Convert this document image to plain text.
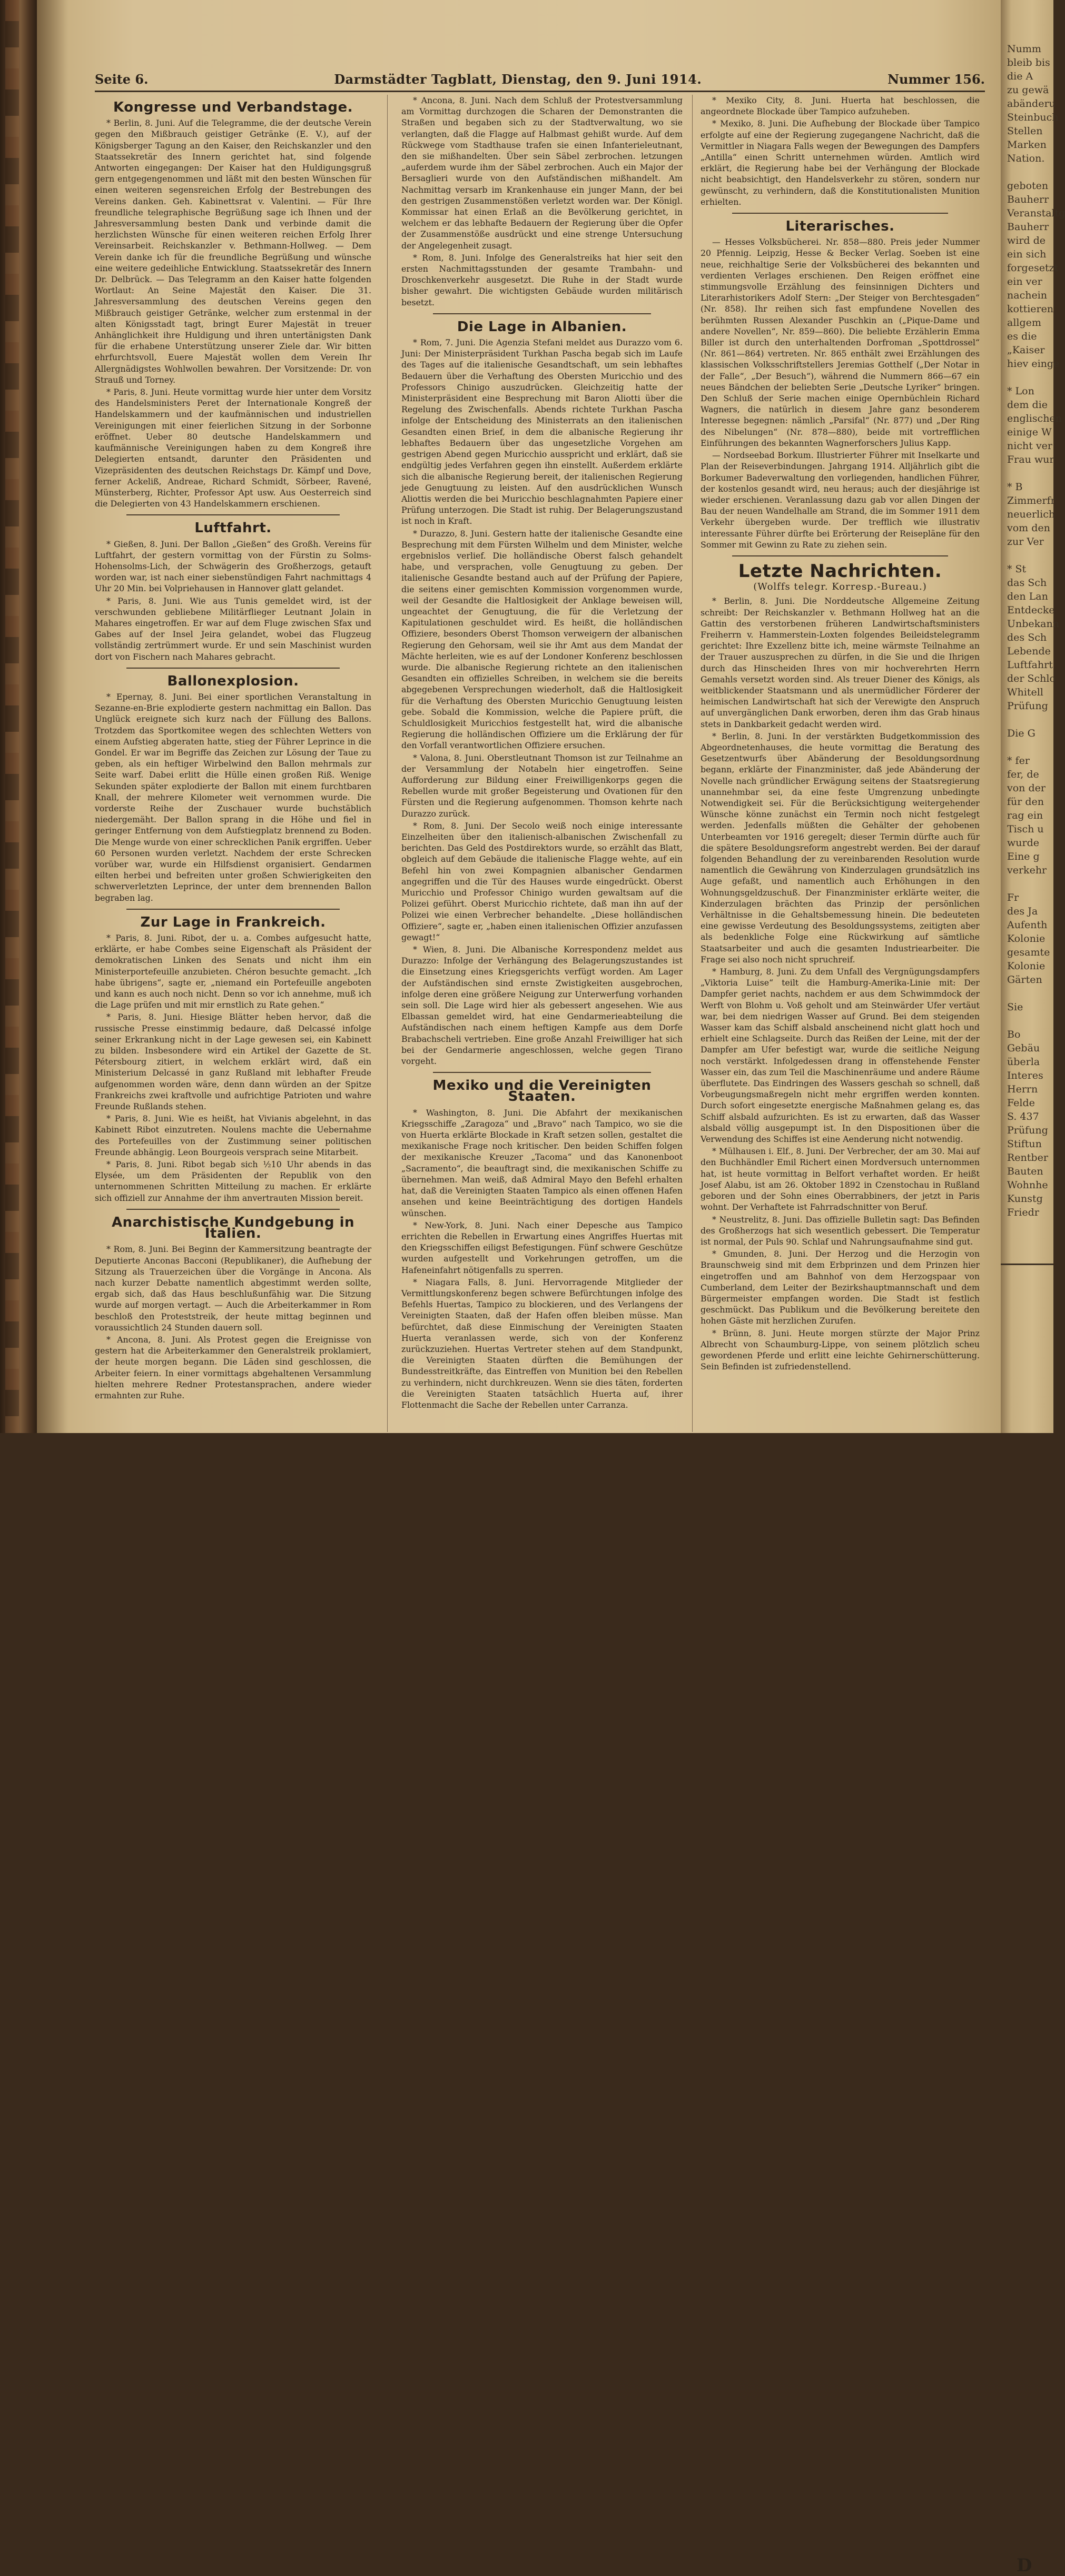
Seite 6.	Darmstädter Tagblatt, Dienstag, den 9. Juni 1914.	Nummer 156.
Kongresse und Verbandstage.

* Berlin, 8. Juni. Auf die Telegramme, die der deutsche Verein gegen den Mißbrauch geistiger Getränke (E. V.), auf der Königsberger Tagung an den Kaiser, den Reichskanzler und den Staatssekretär des Innern gerichtet hat, sind folgende Antworten eingegangen: Der Kaiser hat den Huldigungsgruß gern entgegengenommen und läßt mit den besten Wünschen für einen weiteren segensreichen Erfolg der Bestrebungen des Vereins danken. Geh. Kabinettsrat v. Valentini. — Für Ihre freundliche telegraphische Begrüßung sage ich Ihnen und der Jahresversammlung besten Dank und verbinde damit die herzlichsten Wünsche für einen weiteren reichen Erfolg Ihrer Vereinsarbeit. Reichskanzler v. Bethmann-Hollweg. — Dem Verein danke ich für die freundliche Begrüßung und wünsche eine weitere gedeihliche Entwicklung. Staatssekretär des Innern Dr. Delbrück. — Das Telegramm an den Kaiser hatte folgenden Wortlaut: An Seine Majestät den Kaiser. Die 31. Jahresversammlung des deutschen Vereins gegen den Mißbrauch geistiger Getränke, welcher zum erstenmal in der alten Königsstadt tagt, bringt Eurer Majestät in treuer Anhänglichkeit ihre Huldigung und ihren untertänigsten Dank für die erhabene Unterstützung unserer Ziele dar. Wir bitten ehrfurchtsvoll, Euere Majestät wollen dem Verein Ihr Allergnädigstes Wohlwollen bewahren. Der Vorsitzende: Dr. von Strauß und Torney.

* Paris, 8. Juni. Heute vormittag wurde hier unter dem Vorsitz des Handelsministers Peret der Internationale Kongreß der Handelskammern und der kaufmännischen und industriellen Vereinigungen mit einer feierlichen Sitzung in der Sorbonne eröffnet. Ueber 80 deutsche Handelskammern und kaufmännische Vereinigungen haben zu dem Kongreß ihre Delegierten entsandt, darunter den Präsidenten und Vizepräsidenten des deutschen Reichstags Dr. Kämpf und Dove, ferner Ackeliß, Andreae, Richard Schmidt, Sörbeer, Ravené, Münsterberg, Richter, Professor Apt usw. Aus Oesterreich sind die Delegierten von 43 Handelskammern erschienen.

Luftfahrt.

* Gießen, 8. Juni. Der Ballon „Gießen“ des Großh. Vereins für Luftfahrt, der gestern vormittag von der Fürstin zu Solms-Hohensolms-Lich, der Schwägerin des Großherzogs, getauft worden war, ist nach einer siebenstündigen Fahrt nachmittags 4 Uhr 20 Min. bei Volpriehausen in Hannover glatt gelandet.

* Paris, 8. Juni. Wie aus Tunis gemeldet wird, ist der verschwunden gebliebene Militärflieger Leutnant Jolain in Mahares eingetroffen. Er war auf dem Fluge zwischen Sfax und Gabes auf der Insel Jeira gelandet, wobei das Flugzeug vollständig zertrümmert wurde. Er und sein Maschinist wurden dort von Fischern nach Mahares gebracht.

Ballonexplosion.

* Epernay, 8. Juni. Bei einer sportlichen Veranstaltung in Sezanne-en-Brie explodierte gestern nachmittag ein Ballon. Das Unglück ereignete sich kurz nach der Füllung des Ballons. Trotzdem das Sportkomitee wegen des schlechten Wetters von einem Aufstieg abgeraten hatte, stieg der Führer Leprince in die Gondel. Er war im Begriffe das Zeichen zur Lösung der Taue zu geben, als ein heftiger Wirbelwind den Ballon mehrmals zur Seite warf. Dabei erlitt die Hülle einen großen Riß. Wenige Sekunden später explodierte der Ballon mit einem furchtbaren Knall, der mehrere Kilometer weit vernommen wurde. Die vorderste Reihe der Zuschauer wurde buchstäblich niedergemäht. Der Ballon sprang in die Höhe und fiel in geringer Entfernung von dem Aufstiegplatz brennend zu Boden. Die Menge wurde von einer schrecklichen Panik ergriffen. Ueber 60 Personen wurden verletzt. Nachdem der erste Schrecken vorüber war, wurde ein Hilfsdienst organisiert. Gendarmen eilten herbei und befreiten unter großen Schwierigkeiten den schwerverletzten Leprince, der unter dem brennenden Ballon begraben lag.

Zur Lage in Frankreich.

* Paris, 8. Juni. Ribot, der u. a. Combes aufgesucht hatte, erklärte, er habe Combes seine Eigenschaft als Präsident der demokratischen Linken des Senats und nicht ihm ein Ministerportefeuille anzubieten. Chéron besuchte gemacht. „Ich habe übrigens“, sagte er, „niemand ein Portefeuille angeboten und kann es auch noch nicht. Denn so vor ich annehme, muß ich die Lage prüfen und mit mir ernstlich zu Rate gehen.“

* Paris, 8. Juni. Hiesige Blätter heben hervor, daß die russische Presse einstimmig bedaure, daß Delcassé infolge seiner Erkrankung nicht in der Lage gewesen sei, ein Kabinett zu bilden. Insbesondere wird ein Artikel der Gazette de St. Pétersbourg zitiert, in welchem erklärt wird, daß ein Ministerium Delcassé in ganz Rußland mit lebhafter Freude aufgenommen worden wäre, denn dann würden an der Spitze Frankreichs zwei kraftvolle und aufrichtige Patrioten und wahre Freunde Rußlands stehen.

* Paris, 8. Juni. Wie es heißt, hat Vivianis abgelehnt, in das Kabinett Ribot einzutreten. Noulens machte die Uebernahme des Portefeuilles von der Zustimmung seiner politischen Freunde abhängig. Leon Bourgeois versprach seine Mitarbeit.

* Paris, 8. Juni. Ribot begab sich ½10 Uhr abends in das Elysée, um dem Präsidenten der Republik von den unternommenen Schritten Mitteilung zu machen. Er erklärte sich offiziell zur Annahme der ihm anvertrauten Mission bereit.

Anarchistische Kundgebung in Italien.

* Rom, 8. Juni. Bei Beginn der Kammersitzung beantragte der Deputierte Anconas Bacconi (Republikaner), die Aufhebung der Sitzung als Trauerzeichen über die Vorgänge in Ancona. Als nach kurzer Debatte namentlich abgestimmt werden sollte, ergab sich, daß das Haus beschlußunfähig war. Die Sitzung wurde auf morgen vertagt. — Auch die Arbeiterkammer in Rom beschloß den Proteststreik, der heute mittag beginnen und voraussichtlich 24 Stunden dauern soll.

* Ancona, 8. Juni. Als Protest gegen die Ereignisse von gestern hat die Arbeiterkammer den Generalstreik proklamiert, der heute morgen begann. Die Läden sind geschlossen, die Arbeiter feiern. In einer vormittags abgehaltenen Versammlung hielten mehrere Redner Protestansprachen, andere wieder ermahnten zur Ruhe.

* Ancona, 8. Juni. Nach dem Schluß der Protestversammlung am Vormittag durchzogen die Scharen der Demonstranten die Straßen und begaben sich zu der Stadtverwaltung, wo sie verlangten, daß die Flagge auf Halbmast gehißt wurde. Auf dem Rückwege vom Stadthause trafen sie einen Infanterieleutnant, den sie mißhandelten. Über sein Säbel zerbrochen. letzungen „auferdem wurde ihm der Säbel zerbrochen. Auch ein Major der Bersaglieri wurde von den Aufständischen mißhandelt. Am Nachmittag versarb im Krankenhause ein junger Mann, der bei den gestrigen Zusammenstößen verletzt worden war. Der Königl. Kommissar hat einen Erlaß an die Bevölkerung gerichtet, in welchem er das lebhafte Bedauern der Regierung über die Opfer der Zusammenstöße ausdrückt und eine strenge Untersuchung der Angelegenheit zusagt.

* Rom, 8. Juni. Infolge des Generalstreiks hat hier seit den ersten Nachmittagsstunden der gesamte Trambahn- und Droschkenverkehr ausgesetzt. Die Ruhe in der Stadt wurde bisher gewahrt. Die wichtigsten Gebäude wurden militärisch besetzt.

Die Lage in Albanien.

* Rom, 7. Juni. Die Agenzia Stefani meldet aus Durazzo vom 6. Juni: Der Ministerpräsident Turkhan Pascha begab sich im Laufe des Tages auf die italienische Gesandtschaft, um sein lebhaftes Bedauern über die Verhaftung des Obersten Muricchio und des Professors Chinigo auszudrücken. Gleichzeitig hatte der Ministerpräsident eine Besprechung mit Baron Aliotti über die Regelung des Zwischenfalls. Abends richtete Turkhan Pascha infolge der Entscheidung des Ministerrats an den italienischen Gesandten einen Brief, in dem die albanische Regierung ihr lebhaftes Bedauern über das ungesetzliche Vorgehen am gestrigen Abend gegen Muricchio ausspricht und erklärt, daß sie endgültig jedes Verfahren gegen ihn einstellt. Außerdem erklärte sich die albanische Regierung bereit, der italienischen Regierung jede Genugtuung zu leisten. Auf den ausdrücklichen Wunsch Aliottis werden die bei Muricchio beschlagnahmten Papiere einer Prüfung unterzogen. Die Stadt ist ruhig. Der Belagerungszustand ist noch in Kraft.

* Durazzo, 8. Juni. Gestern hatte der italienische Gesandte eine Besprechung mit dem Fürsten Wilhelm und dem Minister, welche ergebnislos verlief. Die holländische Oberst falsch gehandelt habe, und versprachen, volle Genugtuung zu geben. Der italienische Gesandte bestand auch auf der Prüfung der Papiere, die seitens einer gemischten Kommission vorgenommen wurde, weil der Gesandte die Haltlosigkeit der Anklage beweisen will, ungeachtet der Genugtuung, die für die Verletzung der Kapitulationen geschuldet wird. Es heißt, die holländischen Offiziere, besonders Oberst Thomson verweigern der albanischen Regierung den Gehorsam, weil sie ihr Amt aus dem Mandat der Mächte herleiten, wie es auf der Londoner Konferenz beschlossen wurde. Die albanische Regierung richtete an den italienischen Gesandten ein offizielles Schreiben, in welchem sie die bereits abgegebenen Versprechungen wiederholt, daß die Haltlosigkeit für die Verhaftung des Obersten Muricchio Genugtuung leisten gebe. Sobald die Kommission, welche die Papiere prüft, die Schuldlosigkeit Muricchios festgestellt hat, wird die albanische Regierung die holländischen Offiziere um die Erklärung der für den Vorfall verantwortlichen Offiziere ersuchen.

* Valona, 8. Juni. Oberstleutnant Thomson ist zur Teilnahme an der Versammlung der Notabeln hier eingetroffen. Seine Aufforderung zur Bildung einer Freiwilligenkorps gegen die Rebellen wurde mit großer Begeisterung und Ovationen für den Fürsten und die Regierung aufgenommen. Thomson kehrte nach Durazzo zurück.

* Rom, 8. Juni. Der Secolo weiß noch einige interessante Einzelheiten über den italienisch-albanischen Zwischenfall zu berichten. Das Geld des Postdirektors wurde, so erzählt das Blatt, obgleich auf dem Gebäude die italienische Flagge wehte, auf ein Befehl hin von zwei Kompagnien albanischer Gendarmen angegriffen und die Tür des Hauses wurde eingedrückt. Oberst Muricchio und Professor Chinigo wurden gewaltsam auf die Polizei geführt. Oberst Muricchio richtete, daß man ihn auf der Polizei wie einen Verbrecher behandelte. „Diese holländischen Offiziere“, sagte er, „haben einen italienischen Offizier anzufassen gewagt!“

* Wien, 8. Juni. Die Albanische Korrespondenz meldet aus Durazzo: Infolge der Verhängung des Belagerungszustandes ist die Einsetzung eines Kriegsgerichts verfügt worden. Am Lager der Aufständischen sind ernste Zwistigkeiten ausgebrochen, infolge deren eine größere Neigung zur Unterwerfung vorhanden sein soll. Die Lage wird hier als gebessert angesehen. Wie aus Elbassan gemeldet wird, hat eine Gendarmerieabteilung die Aufständischen nach einem heftigen Kampfe aus dem Dorfe Brabachscheli vertrieben. Eine große Anzahl Freiwilliger hat sich bei der Gendarmerie angeschlossen, welche gegen Tirano vorgeht.

Mexiko und die Vereinigten Staaten.

* Washington, 8. Juni. Die Abfahrt der mexikanischen Kriegsschiffe „Zaragoza“ und „Bravo“ nach Tampico, wo sie die von Huerta erklärte Blockade in Kraft setzen sollen, gestaltet die mexikanische Frage noch kritischer. Den beiden Schiffen folgen der mexikanische Kreuzer „Tacoma“ und das Kanonenboot „Sacramento“, die beauftragt sind, die mexikanischen Schiffe zu übernehmen. Man weiß, daß Admiral Mayo den Befehl erhalten hat, daß die Vereinigten Staaten Tampico als einen offenen Hafen ansehen und keine Beeinträchtigung des dortigen Handels wünschen.

* New-York, 8. Juni. Nach einer Depesche aus Tampico errichten die Rebellen in Erwartung eines Angriffes Huertas mit den Kriegsschiffen eiligst Befestigungen. Fünf schwere Geschütze wurden aufgestellt und Vorkehrungen getroffen, um die Hafeneinfahrt nötigenfalls zu sperren.

* Niagara Falls, 8. Juni. Hervorragende Mitglieder der Vermittlungskonferenz begen schwere Befürchtungen infolge des Befehls Huertas, Tampico zu blockieren, und des Verlangens der Vereinigten Staaten, daß der Hafen offen bleiben müsse. Man befürchtet, daß diese Einmischung der Vereinigten Staaten Huerta veranlassen werde, sich von der Konferenz zurückzuziehen. Huertas Vertreter stehen auf dem Standpunkt, die Vereinigten Staaten dürften die Bemühungen der Bundesstreitkräfte, das Eintreffen von Munition bei den Rebellen zu verhindern, nicht durchkreuzen. Wenn sie dies täten, forderten die Vereinigten Staaten tatsächlich Huerta auf, ihrer Flottenmacht die Sache der Rebellen unter Carranza.

* Mexiko City, 8. Juni. Huerta hat beschlossen, die angeordnete Blockade über Tampico aufzuheben.

* Mexiko, 8. Juni. Die Aufhebung der Blockade über Tampico erfolgte auf eine der Regierung zugegangene Nachricht, daß die Vermittler in Niagara Falls wegen der Bewegungen des Dampfers „Antilla“ einen Schritt unternehmen würden. Amtlich wird erklärt, die Regierung habe bei der Verhängung der Blockade nicht beabsichtigt, den Handelsverkehr zu stören, sondern nur gewünscht, zu verhindern, daß die Konstitutionalisten Munition erhielten.

Literarisches.

— Hesses Volksbücherei. Nr. 858—880. Preis jeder Nummer 20 Pfennig. Leipzig, Hesse & Becker Verlag. Soeben ist eine neue, reichhaltige Serie der Volksbücherei des bekannten und verdienten Verlages erschienen. Den Reigen eröffnet eine stimmungsvolle Erzählung des feinsinnigen Dichters und Literarhistorikers Adolf Stern: „Der Steiger von Berchtesgaden“ (Nr. 858). Ihr reihen sich fast empfundene Novellen des berühmten Russen Alexander Puschkin an („Pique-Dame und andere Novellen“, Nr. 859—860). Die beliebte Erzählerin Emma Biller ist durch den unterhaltenden Dorfroman „Spottdrossel“ (Nr. 861—864) vertreten. Nr. 865 enthält zwei Erzählungen des klassischen Volksschriftstellers Jeremias Gotthelf („Der Notar in der Falle“, „Der Besuch“), während die Nummern 866—67 ein neues Bändchen der beliebten Serie „Deutsche Lyriker“ bringen. Den Schluß der Serie machen einige Opernbüchlein Richard Wagners, die natürlich in diesem Jahre ganz besonderem Interesse begegnen: nämlich „Parsifal“ (Nr. 877) und „Der Ring des Nibelungen“ (Nr. 878—880), beide mit vortrefflichen Einführungen des bekannten Wagnerforschers Julius Kapp.

— Nordseebad Borkum. Illustrierter Führer mit Inselkarte und Plan der Reiseverbindungen. Jahrgang 1914. Alljährlich gibt die Borkumer Badeverwaltung den vorliegenden, handlichen Führer, der kostenlos gesandt wird, neu heraus; auch der diesjährige ist wieder erschienen. Veranlassung dazu gab vor allen Dingen der Bau der neuen Wandelhalle am Strand, die im Sommer 1911 dem Verkehr übergeben wurde. Der trefflich wie illustrativ interessante Führer dürfte bei Erörterung der Reisepläne für den Sommer mit Gewinn zu Rate zu ziehen sein.

Letzte Nachrichten.
(Wolffs telegr. Korresp.-Bureau.)

* Berlin, 8. Juni. Die Norddeutsche Allgemeine Zeitung schreibt: Der Reichskanzler v. Bethmann Hollweg hat an die Gattin des verstorbenen früheren Landwirtschaftsministers Freiherrn v. Hammerstein-Loxten folgendes Beileidstelegramm gerichtet: Ihre Exzellenz bitte ich, meine wärmste Teilnahme an der Trauer auszusprechen zu dürfen, in die Sie und die Ihrigen durch das Hinscheiden Ihres von mir hochverehrten Herrn Gemahls versetzt worden sind. Als treuer Diener des Königs, als weitblickender Staatsmann und als unermüdlicher Förderer der heimischen Landwirtschaft hat sich der Verewigte den Anspruch auf unvergänglichen Dank erworben, deren ihm das Grab hinaus stets in Dankbarkeit gedacht werden wird.

* Berlin, 8. Juni. In der verstärkten Budgetkommission des Abgeordnetenhauses, die heute vormittag die Beratung des Gesetzentwurfs über Abänderung der Besoldungsordnung begann, erklärte der Finanzminister, daß jede Abänderung der Novelle nach gründlicher Erwägung seitens der Staatsregierung unannehmbar sei, da eine feste Umgrenzung unbedingte Notwendigkeit sei. Für die Berücksichtigung weitergehender Wünsche könne zunächst ein Termin noch nicht festgelegt werden. Jedenfalls müßten die Gehälter der gehobenen Unterbeamten vor 1916 geregelt; dieser Termin dürfte auch für die spätere Besoldungsreform angestrebt werden. Bei der darauf folgenden Behandlung der zu vereinbarenden Resolution wurde namentlich die Gewährung von Kinderzulagen grundsätzlich ins Auge gefaßt, und namentlich auch Erhöhungen in den Wohnungsgeldzuschuß. Der Finanzminister erklärte weiter, die Kinderzulagen brächten das Prinzip der persönlichen Verhältnisse in die Gehaltsbemessung hinein. Die bedeuteten eine gewisse Verdeutung des Besoldungssystems, zeitigten aber als bedenkliche Folge eine Rückwirkung auf sämtliche Staatsarbeiter und auch die gesamten Industriearbeiter. Die Frage sei also noch nicht spruchreif.

* Hamburg, 8. Juni. Zu dem Unfall des Vergnügungsdampfers „Viktoria Luise“ teilt die Hamburg-Amerika-Linie mit: Der Dampfer geriet nachts, nachdem er aus dem Schwimmdock der Werft von Blohm u. Voß geholt und am Steinwärder Ufer vertäut war, bei dem niedrigen Wasser auf Grund. Bei dem steigenden Wasser kam das Schiff alsbald anscheinend nicht glatt hoch und erhielt eine Schlagseite. Durch das Reißen der Leine, mit der der Dampfer am Ufer befestigt war, wurde die seitliche Neigung noch verstärkt. Infolgedessen drang in offenstehende Fenster Wasser ein, das zum Teil die Maschinenräume und andere Räume überflutete. Das Eindringen des Wassers geschah so schnell, daß Vorbeugungsmaßregeln nicht mehr ergriffen werden konnten. Durch sofort eingesetzte energische Maßnahmen gelang es, das Schiff alsbald aufzurichten. Es ist zu erwarten, daß das Wasser alsbald völlig ausgepumpt ist. In den Dispositionen über die Verwendung des Schiffes ist eine Aenderung nicht notwendig.

* Mülhausen i. Elf., 8. Juni. Der Verbrecher, der am 30. Mai auf den Buchhändler Emil Richert einen Mordversuch unternommen hat, ist heute vormittag in Belfort verhaftet worden. Er heißt Josef Alabu, ist am 26. Oktober 1892 in Czenstochau in Rußland geboren und der Sohn eines Oberrabbiners, der jetzt in Paris wohnt. Der Verhaftete ist Fahrradschnitter von Beruf.

* Neustrelitz, 8. Juni. Das offizielle Bulletin sagt: Das Befinden des Großherzogs hat sich wesentlich gebessert. Die Temperatur ist normal, der Puls 90. Schlaf und Nahrungsaufnahme sind gut.

* Gmunden, 8. Juni. Der Herzog und die Herzogin von Braunschweig sind mit dem Erbprinzen und dem Prinzen hier eingetroffen und am Bahnhof von dem Herzogspaar von Cumberland, dem Leiter der Bezirkshauptmannschaft und dem Bürgermeister empfangen worden. Die Stadt ist festlich geschmückt. Das Publikum und die Bevölkerung bereitete den hohen Gäste mit herzlichen Zurufen.

* Brünn, 8. Juni. Heute morgen stürzte der Major Prinz Albrecht von Schaumburg-Lippe, von seinem plötzlich scheu gewordenen Pferde und erlitt eine leichte Gehirnerschütterung. Sein Befinden ist zufriedenstellend.

Numm
bleib bis
die A
zu gewä
abänderu
Steinbuch
Stellen
Marken
Nation.
geboten
Bauherr
Veranstaltg
Bauherr
wird de
ein sich
forgesetzt
ein ver
nachein
kottieren
allgem
es die
„Kaiser
hiev einge
* Lon
dem die
englischen
einige W
nicht ver
Frau wur
* B
Zimmerfr
neuerlich
vom den
zur Ver
* St
das Sch
den Lan
Entdecke
Unbekann
des Sch
Lebende
Luftfahrt
der Schlo
Whitell
Prüfung
Die G
* fer
fer, de
von der
für den
rag ein
Tisch u
wurde
Eine g
verkehr
Fr
des Ja
Aufenth
Kolonie
gesamte
Kolonie
Gärten
Sie
Bo
Gebäu
überla
Interes
Herrn
Felde
S. 437
Prüfung
Stiftun
Rentber
Bauten
Wohnhe
Kunstg
Friedr
D
